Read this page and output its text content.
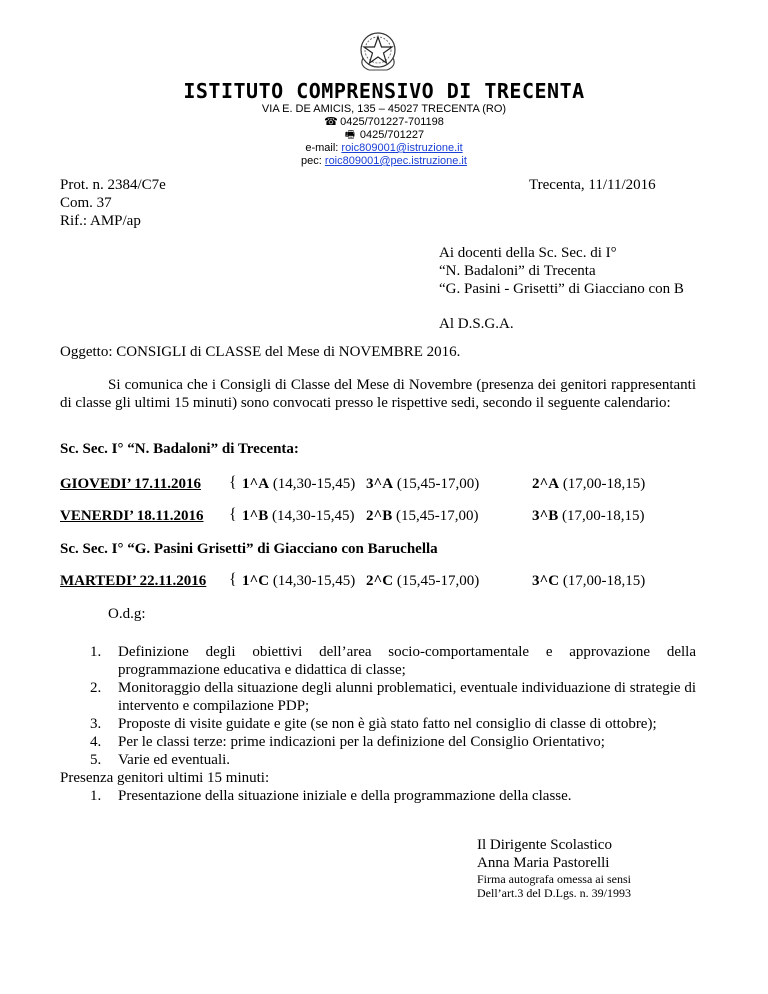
ISTITUTO COMPRENSIVO DI TRECENTA
VIA E. DE AMICIS, 135 – 45027 TRECENTA (RO)
☎ 0425/701227-701198
🖷 0425/701227
e-mail: roic809001@istruzione.it
pec: roic809001@pec.istruzione.it
Prot. n. 2384/C7e
Com. 37
Rif.: AMP/ap
Trecenta, 11/11/2016
Ai docenti della Sc. Sec. di I°
“N. Badaloni” di Trecenta
“G. Pasini - Grisetti” di Giacciano con B
Al D.S.G.A.
Oggetto: CONSIGLI di CLASSE del Mese di NOVEMBRE 2016.
Si comunica che i Consigli di Classe del Mese di Novembre (presenza dei genitori rappresentanti di classe gli ultimi 15 minuti) sono convocati presso le rispettive sedi, secondo il seguente calendario:
Sc. Sec. I° “N. Badaloni” di Trecenta:
GIOVEDI’ 17.11.2016 { 1^A (14,30-15,45) 3^A (15,45-17,00)	2^A (17,00-18,15)
VENERDI’ 18.11.2016 { 1^B (14,30-15,45) 2^B (15,45-17,00)	3^B (17,00-18,15)
Sc. Sec. I° “G. Pasini Grisetti” di Giacciano con Baruchella
MARTEDI’ 22.11.2016 { 1^C (14,30-15,45) 2^C (15,45-17,00)	3^C (17,00-18,15)
O.d.g:
1. Definizione degli obiettivi dell’area socio-comportamentale e approvazione della programmazione educativa e didattica di classe;
2. Monitoraggio della situazione degli alunni problematici, eventuale individuazione di strategie di intervento e compilazione PDP;
3. Proposte di visite guidate e gite (se non è già stato fatto nel consiglio di classe di ottobre);
4. Per le classi terze: prime indicazioni per la definizione del Consiglio Orientativo;
5. Varie ed eventuali.
Presenza genitori ultimi 15 minuti:
1. Presentazione della situazione iniziale e della programmazione della classe.
Il Dirigente Scolastico
Anna Maria Pastorelli
Firma autografa omessa ai sensi
Dell’art.3 del D.Lgs. n. 39/1993
